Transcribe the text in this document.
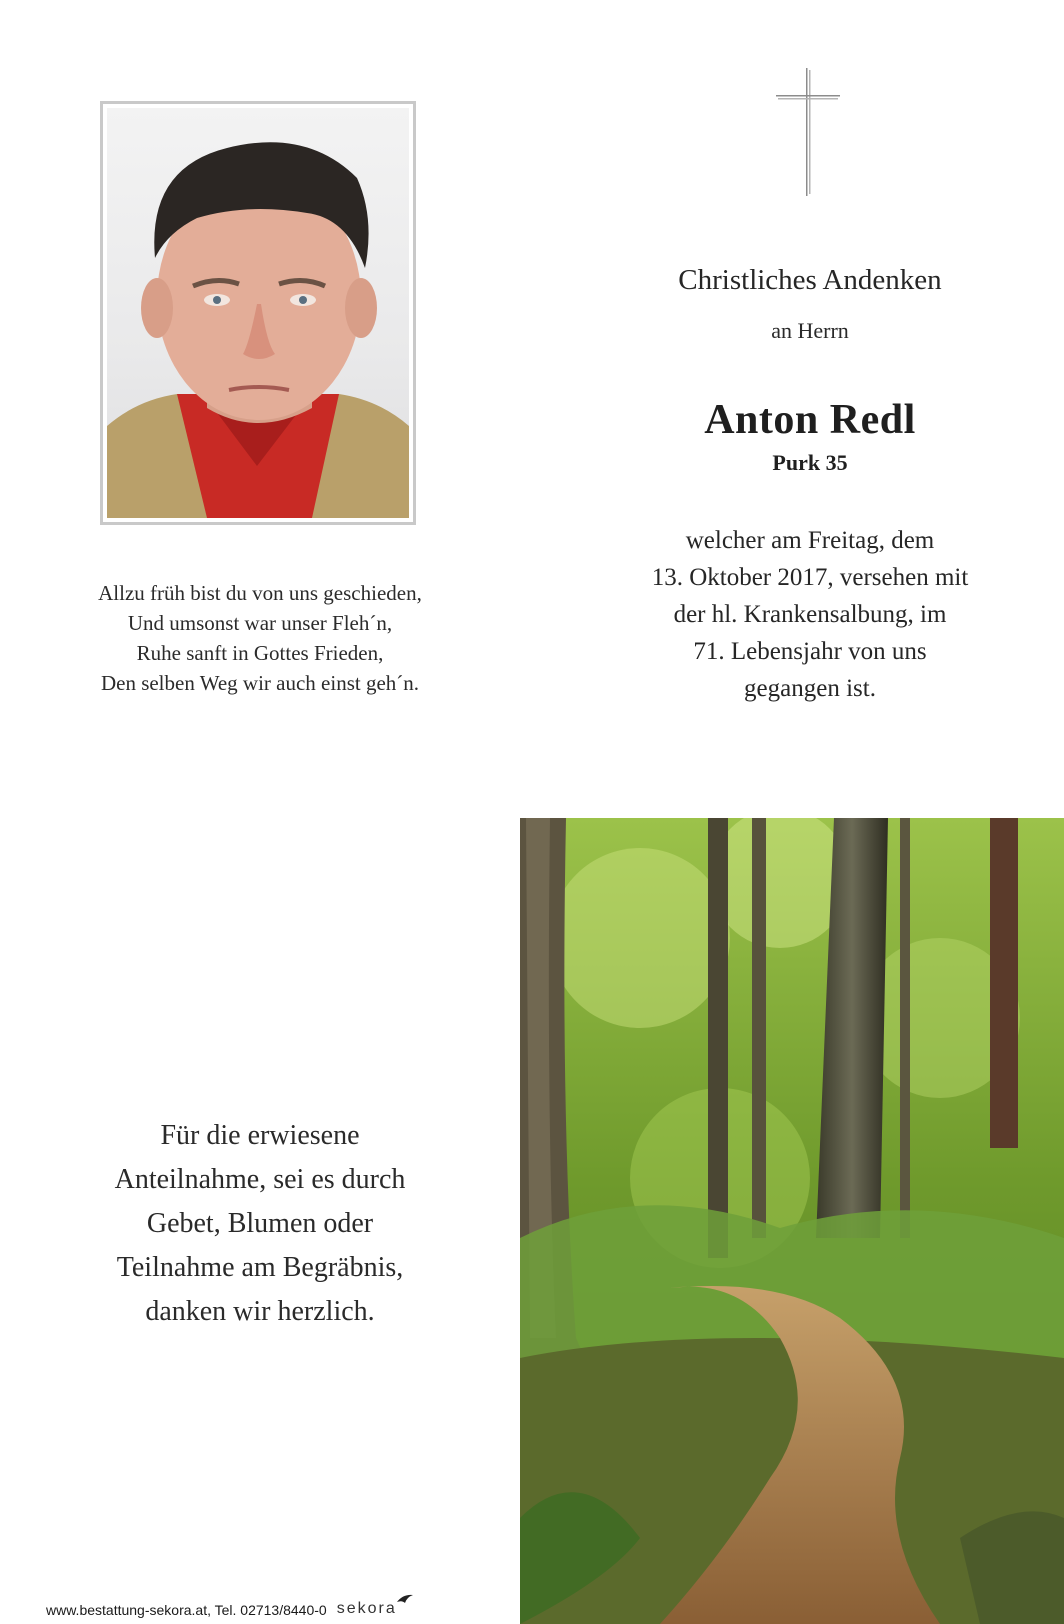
Allzu früh bist du von uns geschieden,
Und umsonst war unser Fleh´n,
Ruhe sanft in Gottes Frieden,
Den selben Weg wir auch einst geh´n.
Christliches Andenken
an Herrn
Anton Redl
Purk 35
welcher am Freitag, dem
13. Oktober 2017, versehen mit
der hl. Krankensalbung, im
71. Lebensjahr von uns
gegangen ist.
Für die erwiesene
Anteilnahme, sei es durch
Gebet, Blumen oder
Teilnahme am Begräbnis,
danken wir herzlich.
www.bestattung-sekora.at, Tel. 02713/8440-0 sekora
